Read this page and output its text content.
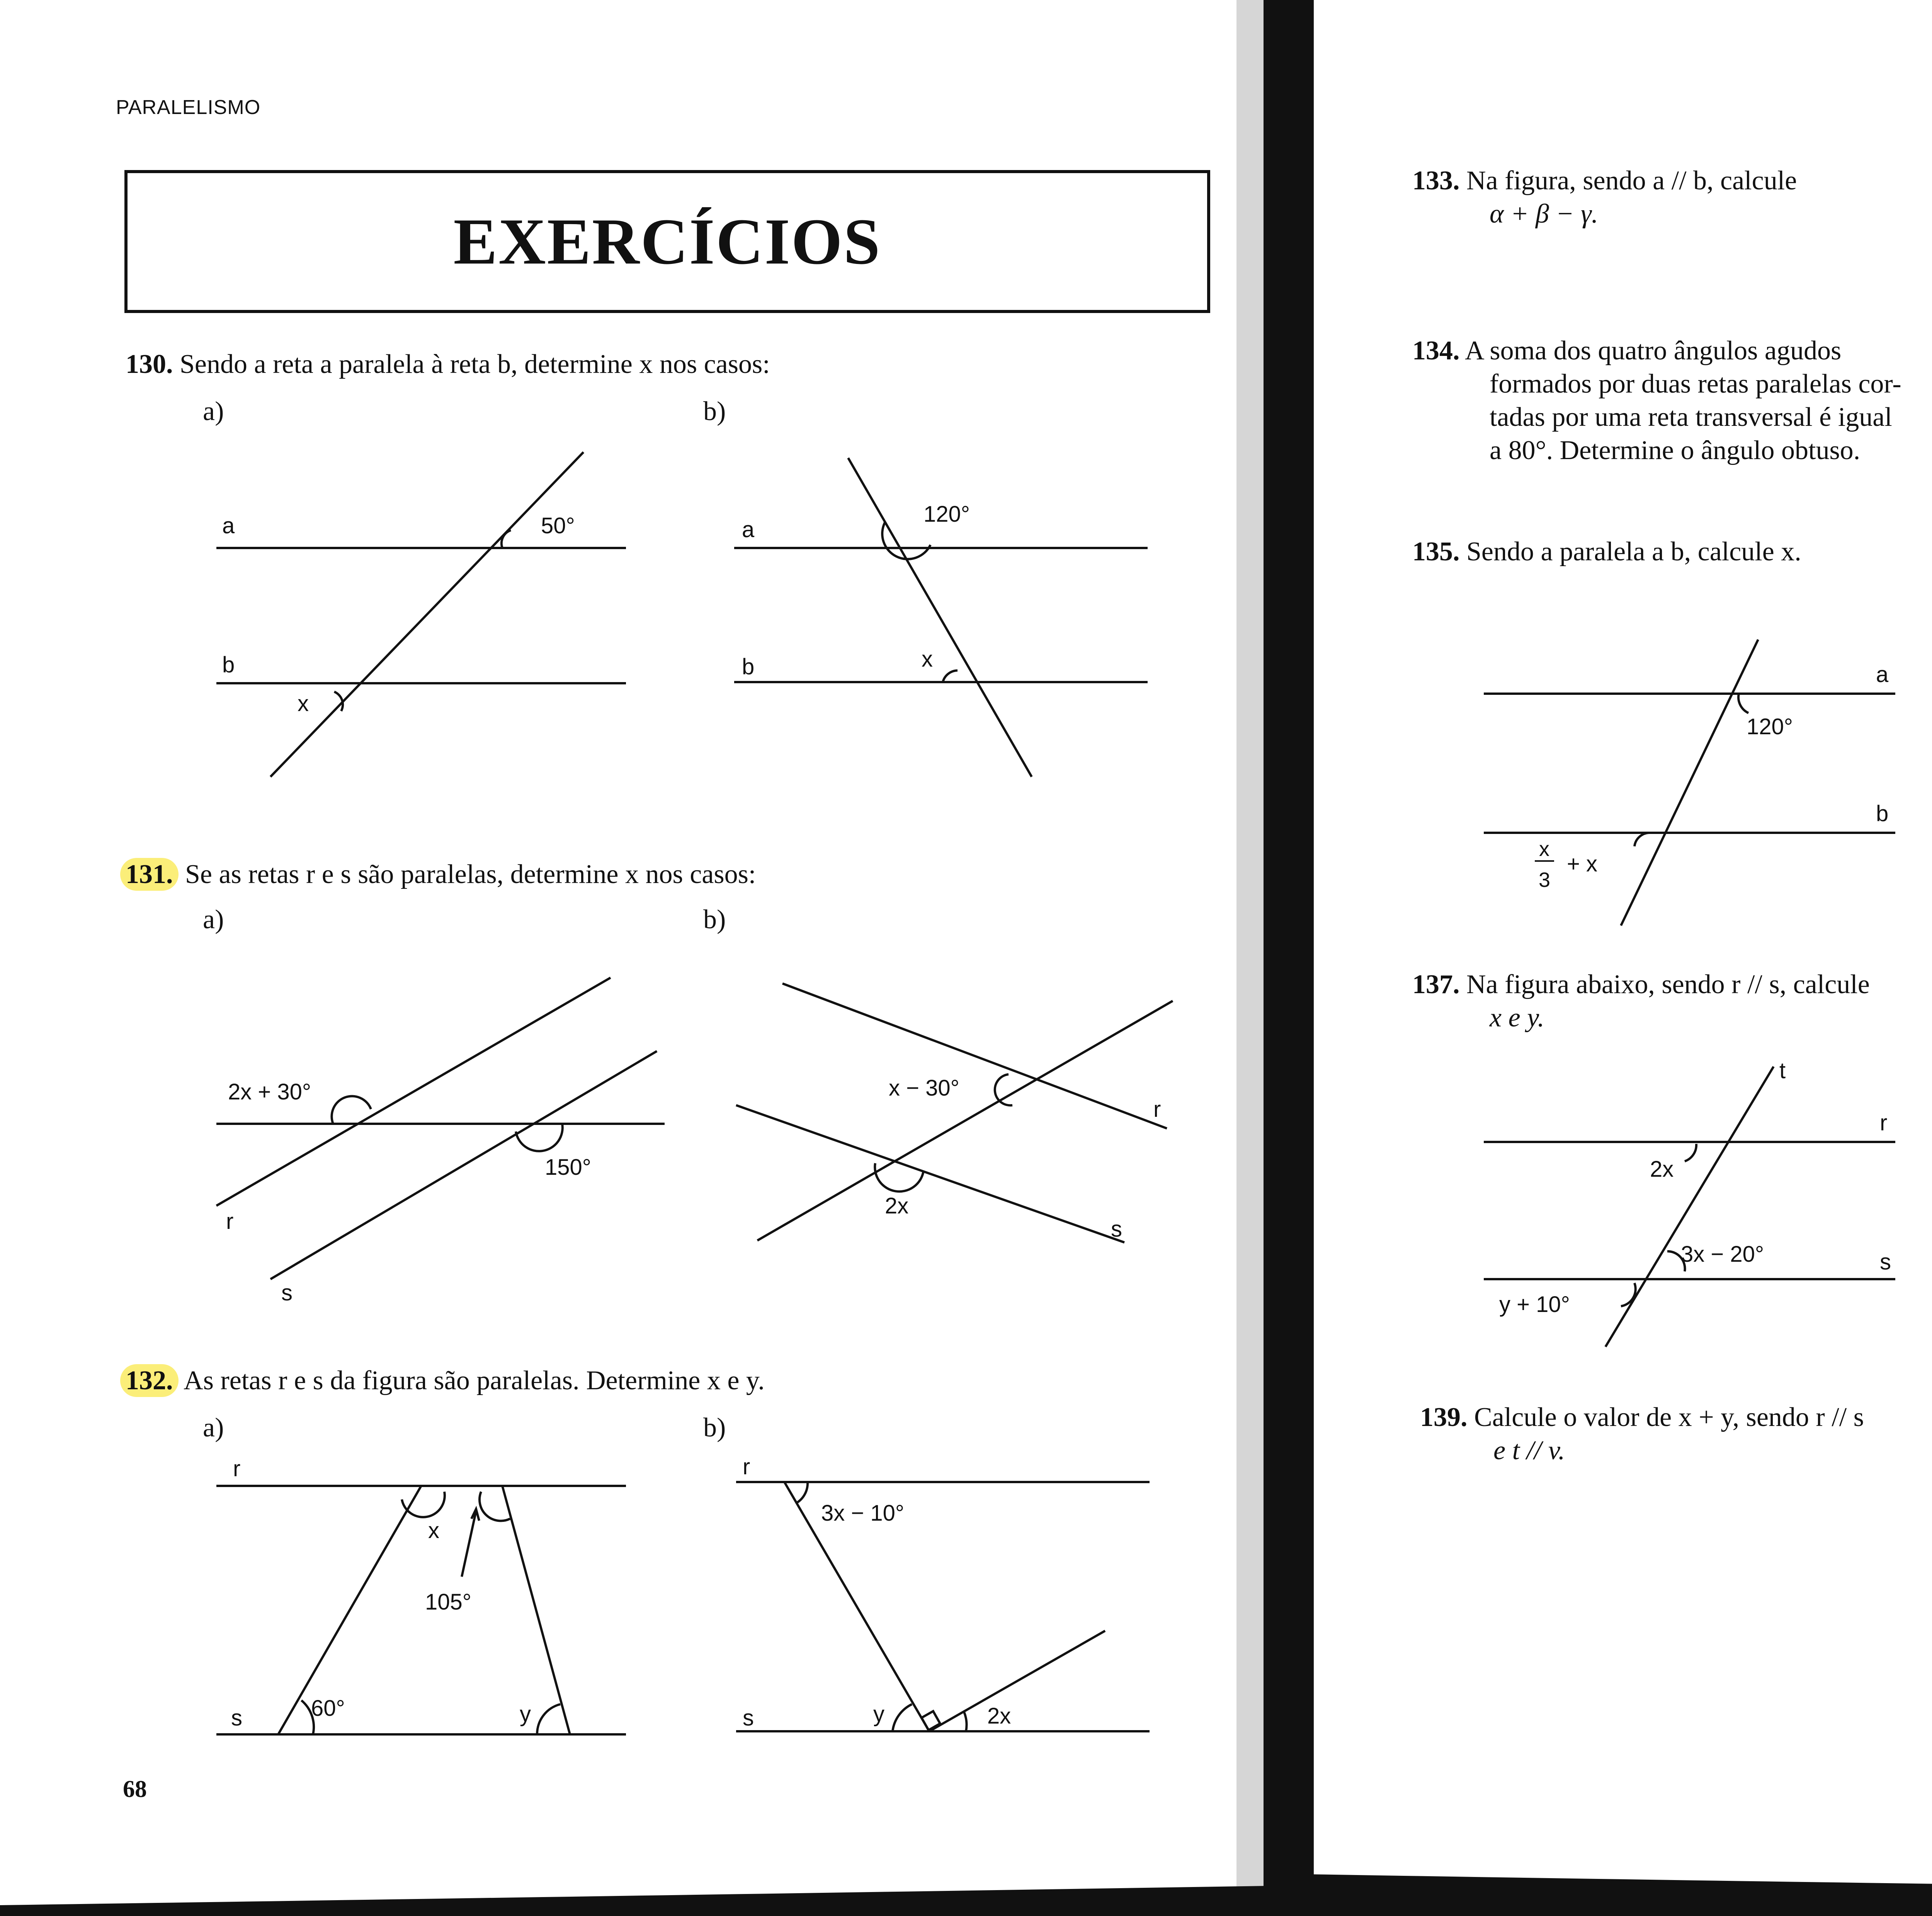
PARALELISMO
EXERCÍCIOS
130. Sendo a reta a paralela à reta b, determine x nos casos:
a)	b)
a
b
50°
x
a
b
120°
x
2x + 30°
150°
r
s
x − 30°
2x
r
s
r
s
x
105°
60°	y
r
s
3x − 10°
y	2x
131. Se as retas r e s são paralelas, determine x nos casos:
a)	b)
132. As retas r e s da figura são paralelas. Determine x e y.
a)	b)
68
133. Na figura, sendo a // b, calcule
α + β − γ.
134. A soma dos quatro ângulos agudos
formados por duas retas paralelas cor-
tadas por uma reta transversal é igual
a 80°. Determine o ângulo obtuso.
135. Sendo a paralela a b, calcule x.
137. Na figura abaixo, sendo r // s, calcule
x e y.
139. Calcule o valor de x + y, sendo r // s
e t // v.
a
b
120°
x
3
+ x
t
r
s
2x
3x − 20°
y + 10°
